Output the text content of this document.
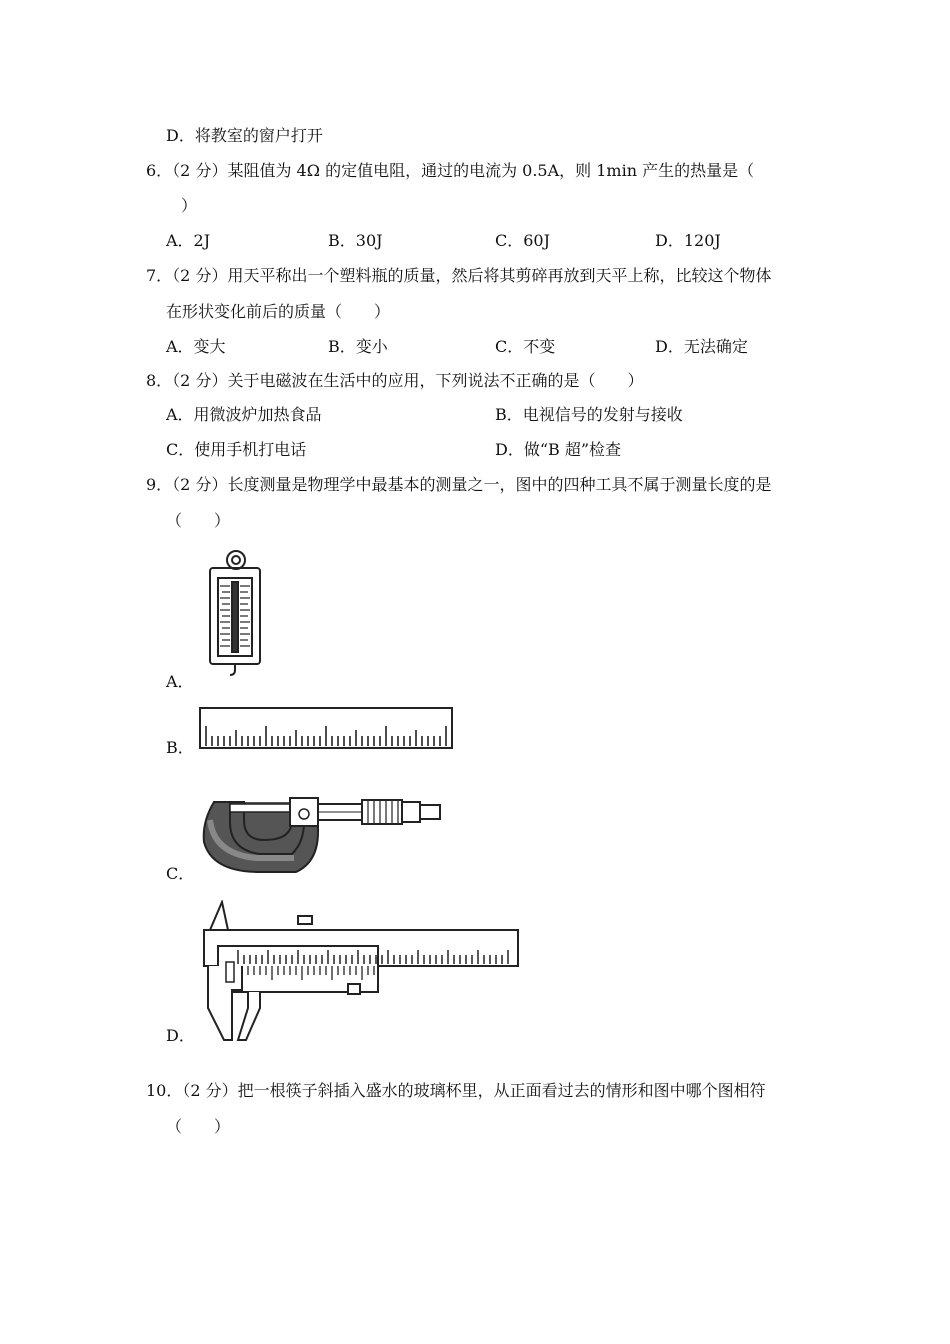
D．将教室的窗户打开
6．（2 分）某阻值为 4Ω 的定值电阻，通过的电流为 0.5A，则 1min 产生的热量是（
）
A．2J	B．30J	C．60J	D．120J
7．（2 分）用天平称出一个塑料瓶的质量，然后将其剪碎再放到天平上称，比较这个物体
在形状变化前后的质量（　　）
A．变大	B．变小	C．不变	D．无法确定
8．（2 分）关于电磁波在生活中的应用，下列说法不正确的是（　　）
A．用微波炉加热食品	B．电视信号的发射与接收
C．使用手机打电话	D．做“B 超”检查
9．（2 分）长度测量是物理学中最基本的测量之一，图中的四种工具不属于测量长度的是
（　　）
A．
B．
C．
D．
10．（2 分）把一根筷子斜插入盛水的玻璃杯里，从正面看过去的情形和图中哪个图相符
（　　）
